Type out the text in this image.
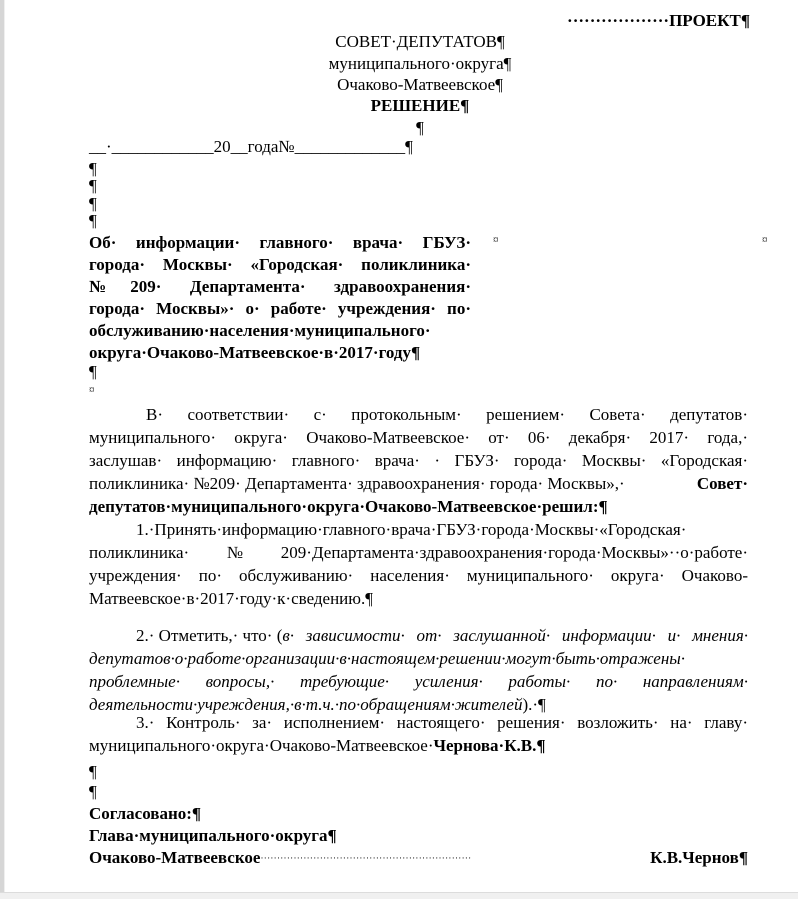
··················ПРОЕКТ¶
СОВЕТ·ДЕПУТАТОВ¶
муниципального·округа¶
Очаково-Матвеевское¶
РЕШЕНИЕ¶
¶
__·____________20__года№_____________¶
¶
¶
¶
¶
Об· информации· главного· врача· ГБУЗ·
города· Москвы· «Городская· поликлиника·
№209· Департамента· здравоохранения·
города· Москвы»· о· работе· учреждения· по·
обслуживанию·населения·муниципального·
округа·Очаково-Матвеевское·в·2017·году¶
¤	¤
¶
¤
В· соответствии· с· протокольным· решением· Совета· депутатов·
муниципального· округа· Очаково-Матвеевское· от· 06· декабря· 2017· года,·
заслушав· информацию· главного· врача· · ГБУЗ· города· Москвы· «Городская·
поликлиника· №209· Департамента· здравоохранения· города· Москвы»,·	Совет·
депутатов·муниципального·округа·Очаково-Матвеевское·решил:¶
1.·Принять·информацию·главного·врача·ГБУЗ·города·Москвы·«Городская·
поликлиника·№209·Департамента·здравоохранения·города·Москвы»··о·работе·
учреждения· по· обслуживанию· населения· муниципального· округа· Очаково-
Матвеевское·в·2017·году·к·сведению.¶
2.· Отметить,· что· ( в· зависимости· от· заслушанной· информации· и· мнения·
депутатов·о·работе·организации·в·настоящем·решении·могут·быть·отражены·
проблемные· вопросы,· требующие· усиления· работы· по· направлениям·
деятельности·учреждения,·в·т.ч.·по·обращениям·жителей).·¶
3.· Контроль· за· исполнением· настоящего· решения· возложить· на· главу·
муниципального·округа·Очаково-Матвеевское·Чернова·К.В.¶
¶
¶
Согласовано:¶
Глава·муниципального·округа¶
Очаково-Матвеевское ································································	К.В.Чернов¶
